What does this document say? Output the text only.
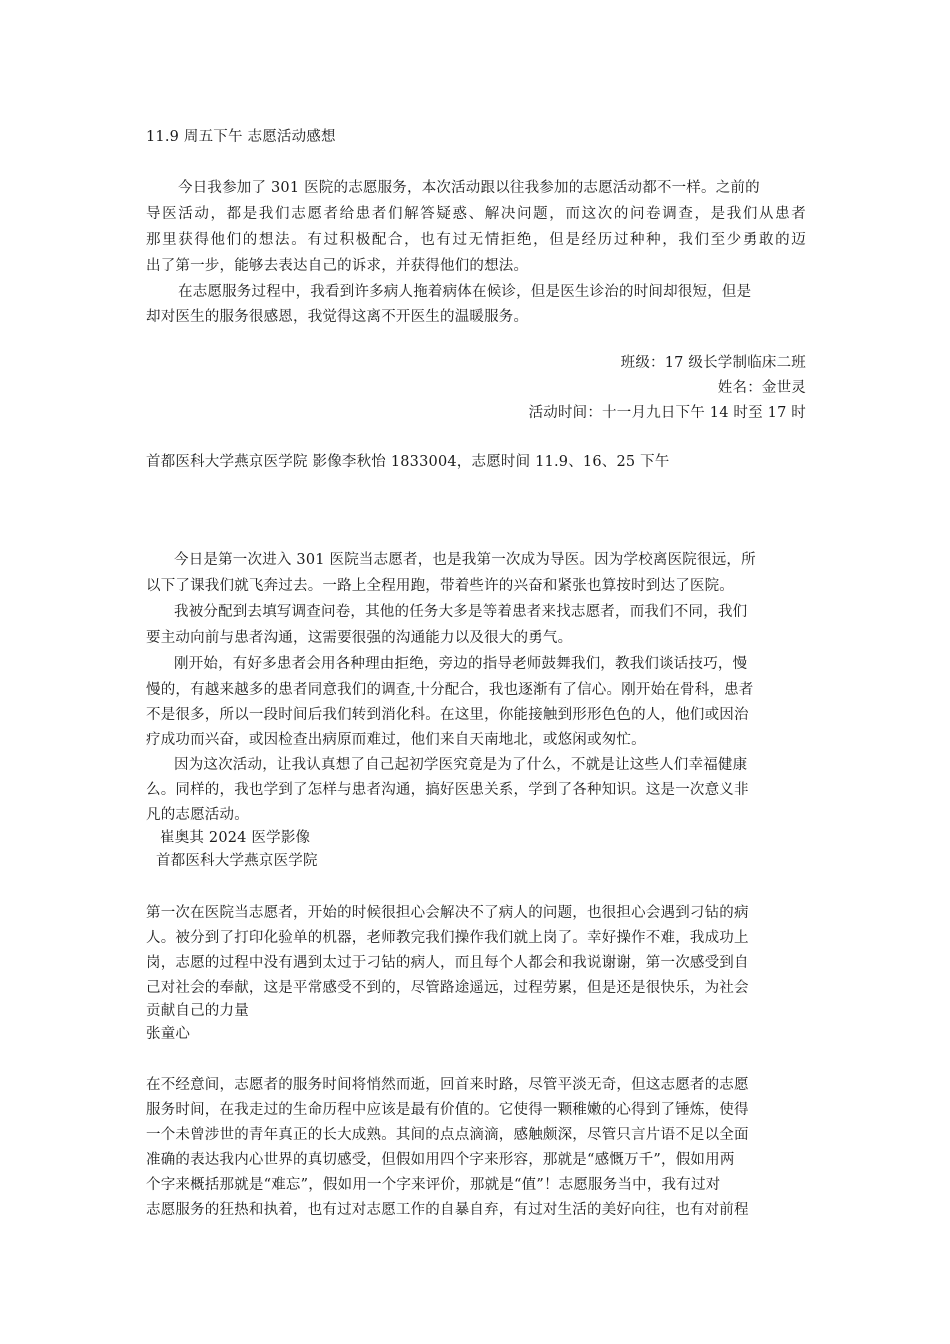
11.9 周五下午 志愿活动感想
今日我参加了 301 医院的志愿服务，本次活动跟以往我参加的志愿活动都不一样。之前的
导医活动，都是我们志愿者给患者们解答疑惑、解决问题，而这次的问卷调查，是我们从患者
那里获得他们的想法。有过积极配合，也有过无情拒绝，但是经历过种种，我们至少勇敢的迈
出了第一步，能够去表达自己的诉求，并获得他们的想法。
在志愿服务过程中，我看到许多病人拖着病体在候诊，但是医生诊治的时间却很短，但是
却对医生的服务很感恩，我觉得这离不开医生的温暖服务。
班级：17 级长学制临床二班
姓名：金世灵
活动时间：十一月九日下午 14 时至 17 时
首都医科大学燕京医学院 影像李秋怡 1833004，志愿时间 11.9、16、25 下午
今日是第一次进入 301 医院当志愿者，也是我第一次成为导医。因为学校离医院很远，所
以下了课我们就飞奔过去。一路上全程用跑，带着些许的兴奋和紧张也算按时到达了医院。
我被分配到去填写调查问卷，其他的任务大多是等着患者来找志愿者，而我们不同，我们
要主动向前与患者沟通，这需要很强的沟通能力以及很大的勇气。
刚开始，有好多患者会用各种理由拒绝，旁边的指导老师鼓舞我们，教我们谈话技巧，慢
慢的，有越来越多的患者同意我们的调查,十分配合，我也逐渐有了信心。刚开始在骨科，患者
不是很多，所以一段时间后我们转到消化科。在这里，你能接触到形形色色的人，他们或因治
疗成功而兴奋，或因检查出病原而难过，他们来自天南地北，或悠闲或匆忙。
因为这次活动，让我认真想了自己起初学医究竟是为了什么，不就是让这些人们幸福健康
么。同样的，我也学到了怎样与患者沟通，搞好医患关系，学到了各种知识。这是一次意义非
凡的志愿活动。
崔奥其 2024 医学影像
首都医科大学燕京医学院
第一次在医院当志愿者，开始的时候很担心会解决不了病人的问题，也很担心会遇到刁钻的病
人。被分到了打印化验单的机器，老师教完我们操作我们就上岗了。幸好操作不难，我成功上
岗，志愿的过程中没有遇到太过于刁钻的病人，而且每个人都会和我说谢谢，第一次感受到自
己对社会的奉献，这是平常感受不到的，尽管路途遥远，过程劳累，但是还是很快乐，为社会
贡献自己的力量
张童心
在不经意间，志愿者的服务时间将悄然而逝，回首来时路，尽管平淡无奇，但这志愿者的志愿
服务时间，在我走过的生命历程中应该是最有价值的。它使得一颗稚嫩的心得到了锤炼，使得
一个未曾涉世的青年真正的长大成熟。其间的点点滴滴，感触颇深，尽管只言片语不足以全面
准确的表达我内心世界的真切感受，但假如用四个字来形容，那就是“感慨万千”，假如用两
个字来概括那就是“难忘”，假如用一个字来评价，那就是“值”！志愿服务当中，我有过对
志愿服务的狂热和执着，也有过对志愿工作的自暴自弃，有过对生活的美好向往，也有对前程
